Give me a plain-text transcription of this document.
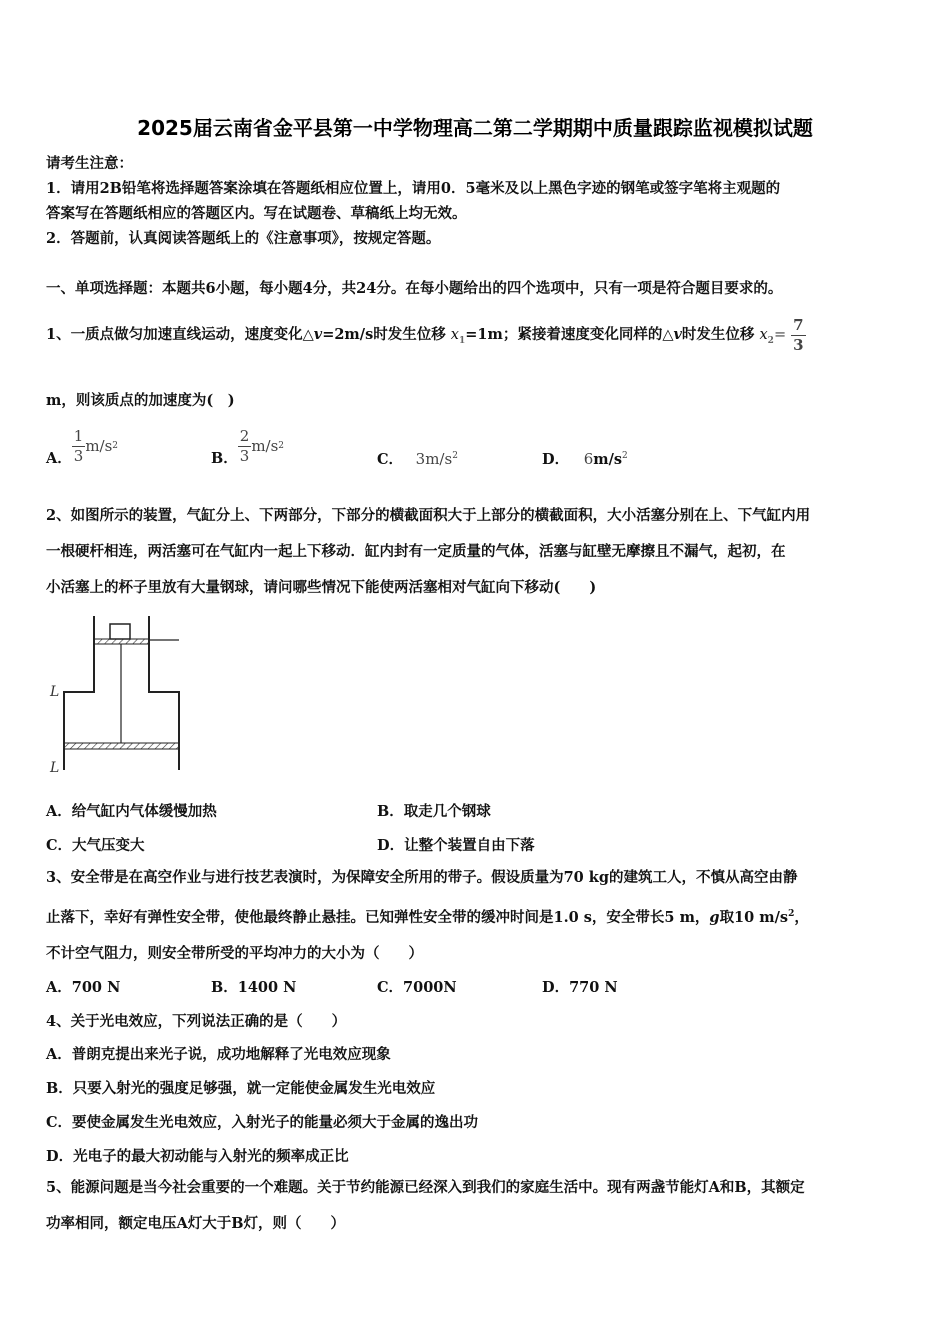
2025届云南省金平县第一中学物理高二第二学期期中质量跟踪监视模拟试题
请考生注意：
1．请用2B铅笔将选择题答案涂填在答题纸相应位置上，请用0．5毫米及以上黑色字迹的钢笔或签字笔将主观题的
答案写在答题纸相应的答题区内。写在试题卷、草稿纸上均无效。
2．答题前，认真阅读答题纸上的《注意事项》，按规定答题。
一、单项选择题：本题共6小题，每小题4分，共24分。在每小题给出的四个选项中，只有一项是符合题目要求的。
1、一质点做匀加速直线运动，速度变化△v=2m/s时发生位移 $x_1=1m$；紧接着速度变化同样的△v时发生位移 $x_2= \frac{7}{3}$
m，则该质点的加速度为(　)
A． $\frac{1}{3} m/s$ 2
B． $\frac{2}{3} m/s$ 2
C． $3m/s^2$	D． $6m/s^2$
2、如图所示的装置，气缸分上、下两部分，下部分的横截面积大于上部分的横截面积，大小活塞分别在上、下气缸内用
一根硬杆相连，两活塞可在气缸内一起上下移动．缸内封有一定质量的气体，活塞与缸壁无摩擦且不漏气，起初，在
小活塞上的杯子里放有大量钢球，请问哪些情况下能使两活塞相对气缸向下移动(　　)
L
L
A．给气缸内气体缓慢加热	B．取走几个钢球
C．大气压变大	D．让整个装置自由下落
3、安全带是在高空作业与进行技艺表演时，为保障安全所用的带子。假设质量为70 kg的建筑工人，不慎从高空由静
止落下，幸好有弹性安全带，使他最终静止悬挂。已知弹性安全带的缓冲时间是1.0 s，安全带长5 m，g取10 $m/s^2$，
不计空气阻力，则安全带所受的平均冲力的大小为（　　）
A．700 N	B．1400 N	C．7000N	D．770 N
4、关于光电效应，下列说法正确的是（　　）
A．普朗克提出来光子说，成功地解释了光电效应现象
B．只要入射光的强度足够强，就一定能使金属发生光电效应
C．要使金属发生光电效应，入射光子的能量必须大于金属的逸出功
D．光电子的最大初动能与入射光的频率成正比
5、能源问题是当今社会重要的一个难题。关于节约能源已经深入到我们的家庭生活中。现有两盏节能灯A和B，其额定
功率相同，额定电压A灯大于B灯，则（　　）
